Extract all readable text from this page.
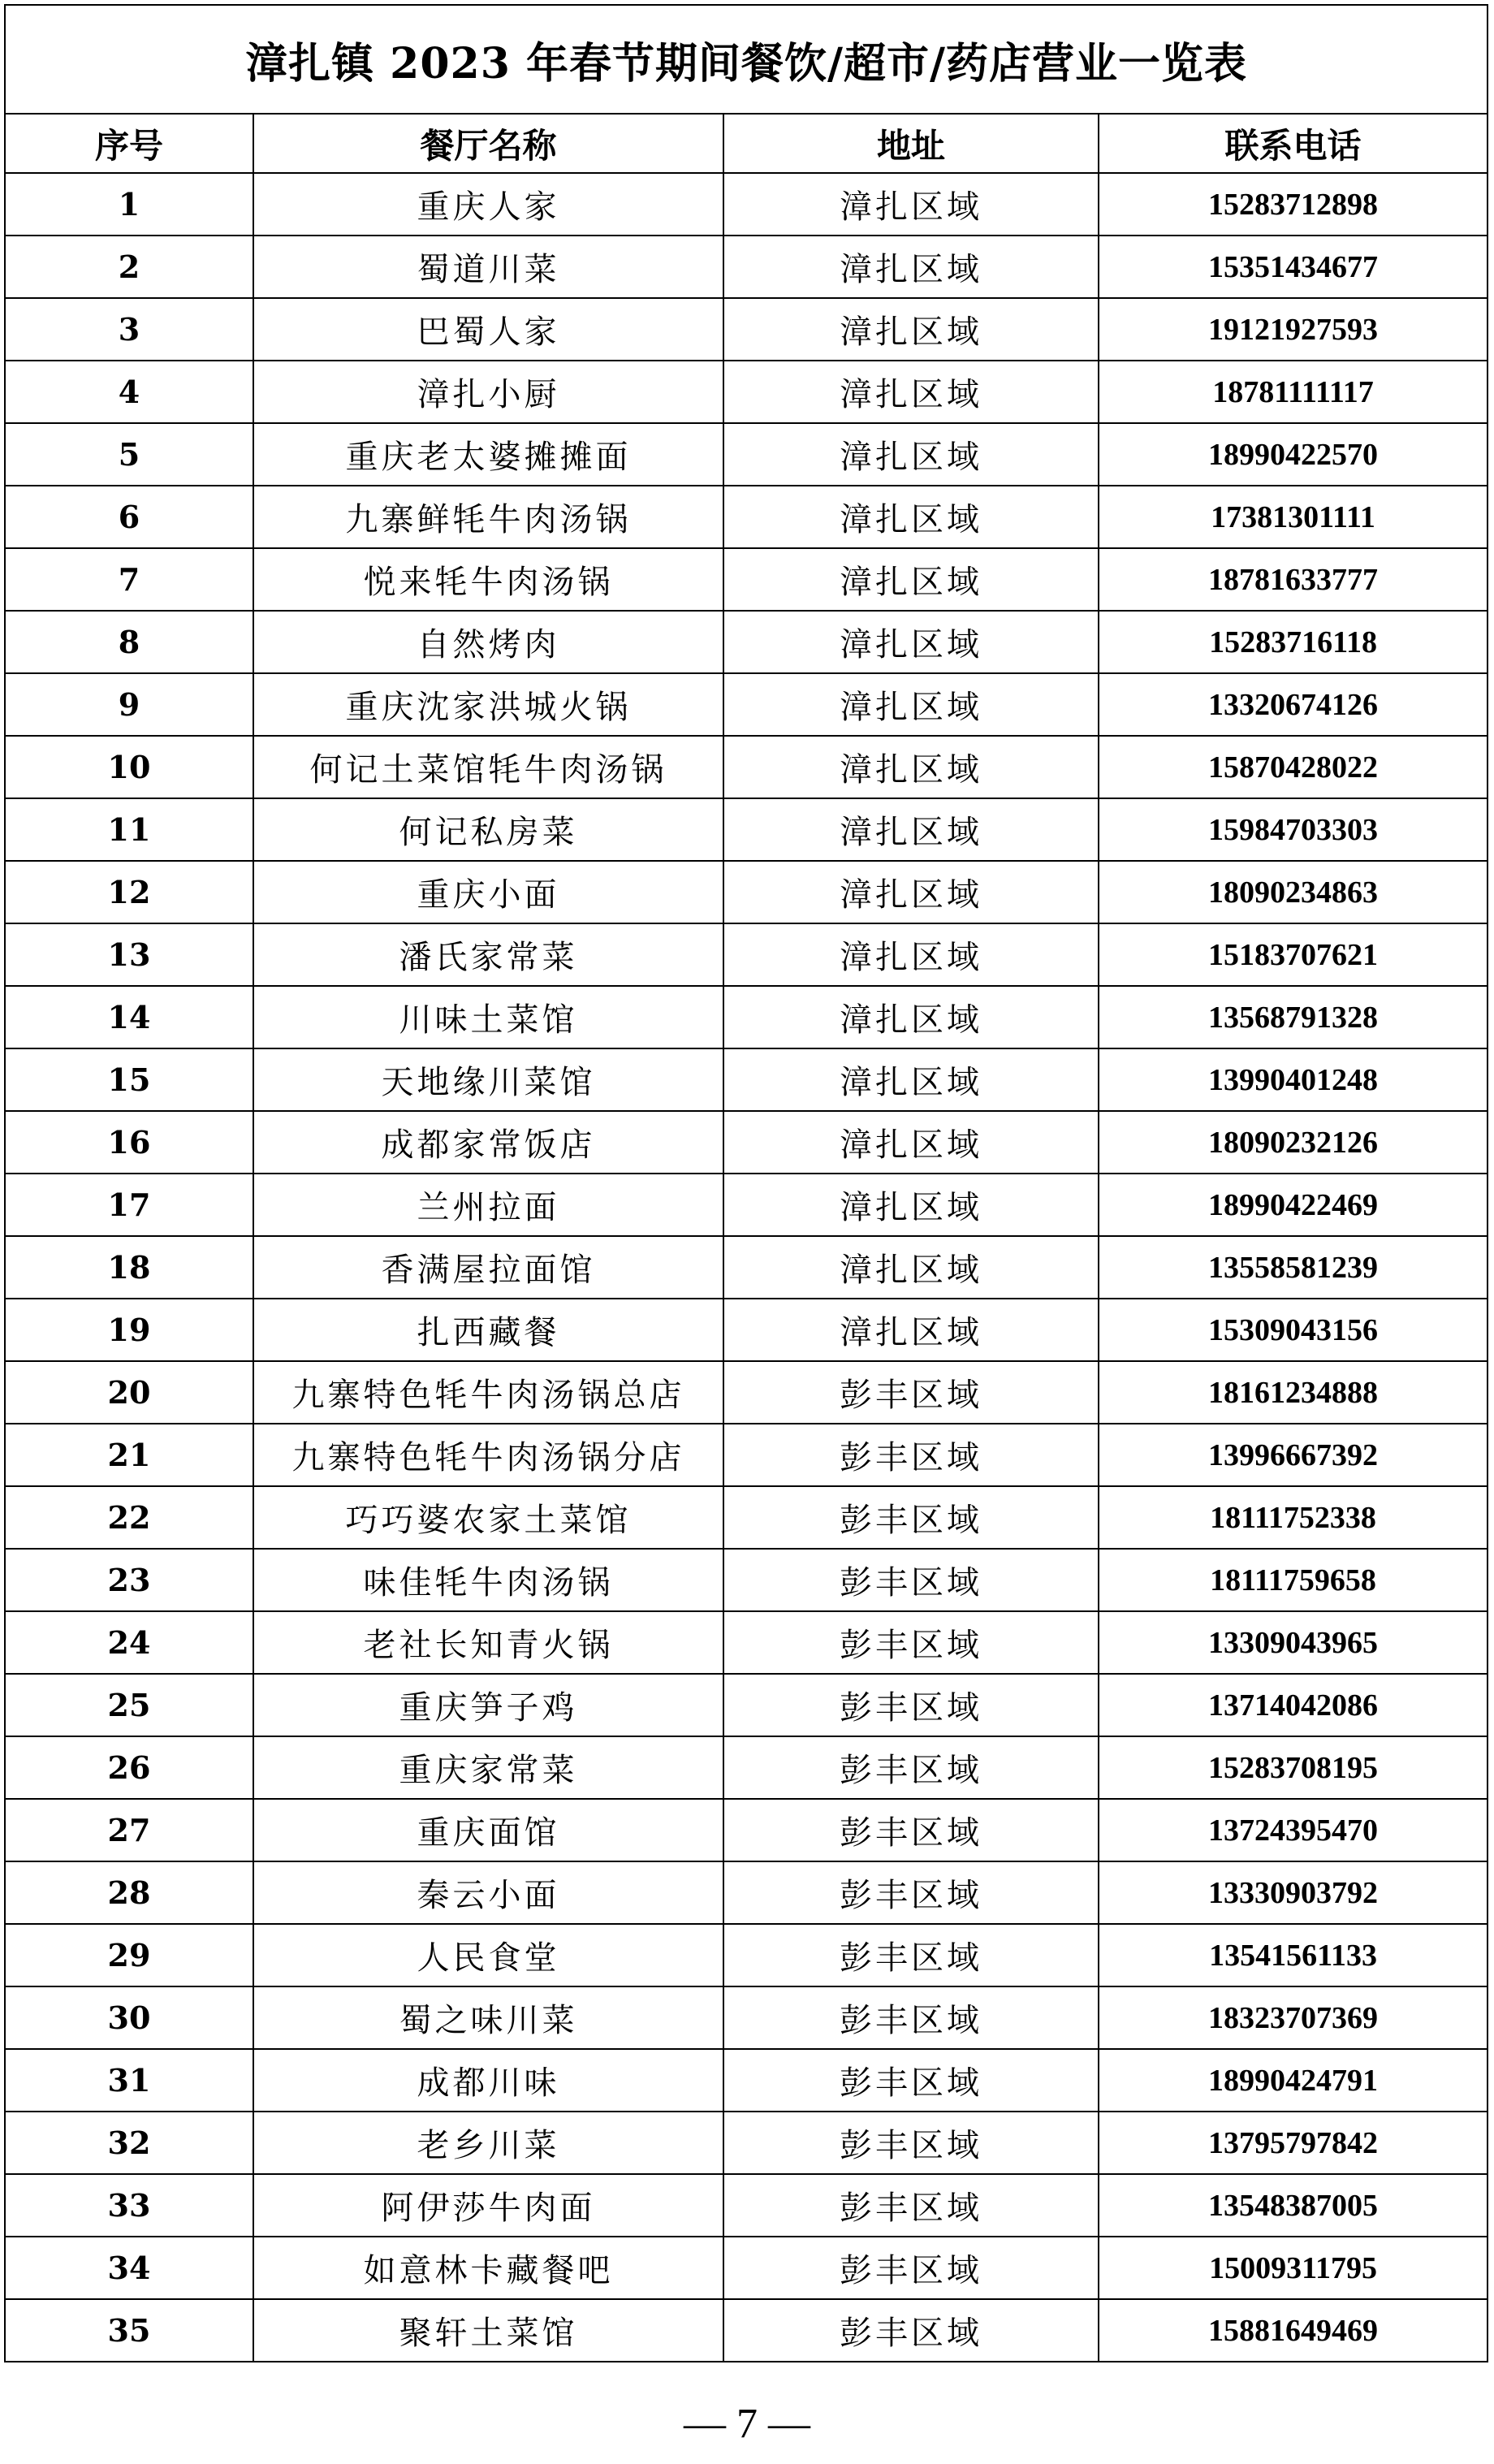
漳扎镇 2023 年春节期间餐饮/超市/药店营业一览表			
序号	餐厅名称	地址	联系电话
1	重庆人家	漳扎区域	15283712898
2	蜀道川菜	漳扎区域	15351434677
3	巴蜀人家	漳扎区域	19121927593
4	漳扎小厨	漳扎区域	18781111117
5	重庆老太婆摊摊面	漳扎区域	18990422570
6	九寨鲜牦牛肉汤锅	漳扎区域	17381301111
7	悦来牦牛肉汤锅	漳扎区域	18781633777
8	自然烤肉	漳扎区域	15283716118
9	重庆沈家洪城火锅	漳扎区域	13320674126
10	何记土菜馆牦牛肉汤锅	漳扎区域	15870428022
11	何记私房菜	漳扎区域	15984703303
12	重庆小面	漳扎区域	18090234863
13	潘氏家常菜	漳扎区域	15183707621
14	川味土菜馆	漳扎区域	13568791328
15	天地缘川菜馆	漳扎区域	13990401248
16	成都家常饭店	漳扎区域	18090232126
17	兰州拉面	漳扎区域	18990422469
18	香满屋拉面馆	漳扎区域	13558581239
19	扎西藏餐	漳扎区域	15309043156
20	九寨特色牦牛肉汤锅总店	彭丰区域	18161234888
21	九寨特色牦牛肉汤锅分店	彭丰区域	13996667392
22	巧巧婆农家土菜馆	彭丰区域	18111752338
23	味佳牦牛肉汤锅	彭丰区域	18111759658
24	老社长知青火锅	彭丰区域	13309043965
25	重庆笋子鸡	彭丰区域	13714042086
26	重庆家常菜	彭丰区域	15283708195
27	重庆面馆	彭丰区域	13724395470
28	秦云小面	彭丰区域	13330903792
29	人民食堂	彭丰区域	13541561133
30	蜀之味川菜	彭丰区域	18323707369
31	成都川味	彭丰区域	18990424791
32	老乡川菜	彭丰区域	13795797842
33	阿伊莎牛肉面	彭丰区域	13548387005
34	如意林卡藏餐吧	彭丰区域	15009311795
35	聚轩土菜馆	彭丰区域	15881649469
— 7 —
